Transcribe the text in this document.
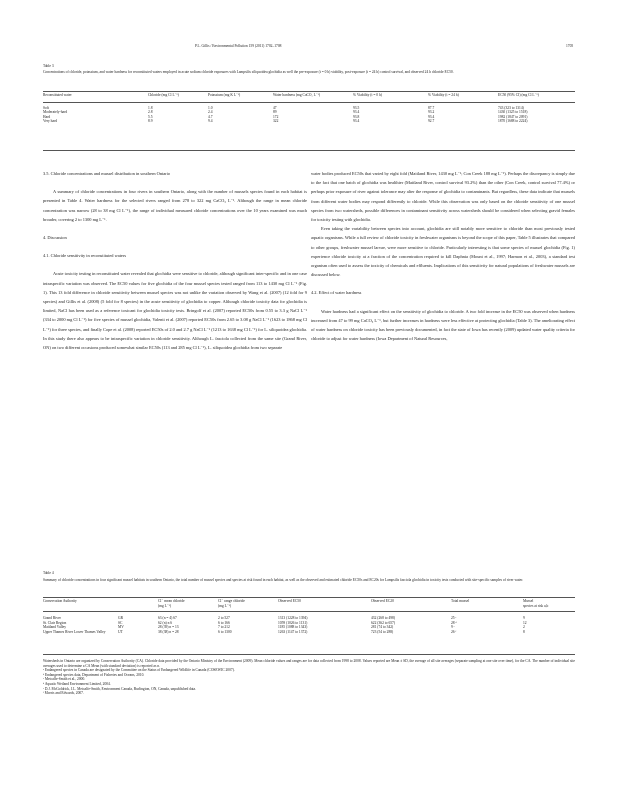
P.L. Gillis / Environmental Pollution 159 (2011) 1702–1708	1705
Table 3
Concentrations of chloride, potassium, and water hardness for reconstituted waters employed in acute sodium chloride exposures with Lampsilis siliquoidea glochidia as well the pre-exposure (t = 0 h) viability, post-exposure (t = 24 h) control survival, and observed 24 h chloride EC50.
Reconstituted water	Chloride (mg Cl L⁻¹)	Potassium (mg K L⁻¹)	Water hardness (mg CaCO₃ L⁻¹)	% Viability (t = 0 h)	% Viability (t = 24 h)	EC50 (95% CI) (mg Cl L⁻¹)

Soft	1.8	1.0	47	93.5	87.7	743 (323 to 1314)
Moderately-hard	2.8	2.4	89	93.4	93.2	1430 (1325 to 1518)
Hard	5.5	4.7	172	93.8	93.4	1982 (1847 to 2091)
Very hard	8.9	9.4	322	93.4	92.7	1870 (1688 to 2224)
3.5. Chloride concentrations and mussel distribution in southern Ontario

A summary of chloride concentrations in four rivers in southern Ontario, along with the number of mussels species found in each habitat is presented in Table 4. Water hardness for the selected rivers ranged from 278 to 322 mg CaCO₃ L⁻¹. Although the range in mean chloride concentration was narrow (28 to 38 mg Cl L⁻¹), the range of individual measured chloride concentrations over the 10 years examined was much broader, covering 2 to 1300 mg L⁻¹.

4. Discussion
4.1. Chloride sensitivity in reconstituted waters

Acute toxicity testing in reconstituted water revealed that glochidia were sensitive to chloride, although significant inter-specific and in one case intraspecific variation was observed. The EC50 values for five glochidia of the four mussel species tested ranged from 113 to 1430 mg Cl L⁻¹ (Fig. 1). This 13 fold difference in chloride sensitivity between mussel species was not unlike the variation observed by Wang et al. (2007) (12 fold for 9 species) and Gillis et al. (2008) (5 fold for 8 species) in the acute sensitivity of glochidia to copper. Although chloride toxicity data for glochidia is limited, NaCl has been used as a reference toxicant for glochidia toxicity tests. Bringolf et al. (2007) reported EC50s from 0.55 to 3.3 g NaCl L⁻¹ (334 to 2000 mg Cl L⁻¹) for five species of mussel glochidia, Valenti et al. (2007) reported EC50s from 2.65 to 3.08 g NaCl L⁻¹ (1623 to 1868 mg Cl L⁻¹) for three species, and finally Cope et al. (2008) reported EC50s of 2.0 and 2.7 g NaCl L⁻¹ (1213 to 1638 mg Cl L⁻¹) for L. siliquoidea glochidia. In this study there also appears to be intraspecific variation in chloride sensitivity. Although L. fasciola collected from the same site (Grand River, ON) on two different occasions produced somewhat similar EC50s (113 and 285 mg Cl L⁻¹), L. siliquoidea glochidia from two separate

water bodies produced EC50s that varied by eight fold (Maitland River, 1430 mg L⁻¹; Con Creek 188 mg L⁻¹). Perhaps the discrepancy is simply due to the fact that one batch of glochidia was healthier (Maitland River, control survival 93.2%) than the other (Con Creek, control survival 77.4%) or perhaps prior exposure of river against tolerance may alter the response of glochidia to contaminants. But regardless, these data indicate that mussels from different water bodies may respond differently to chloride. While this observation was only based on the chloride sensitivity of one mussel species from two watersheds, possible differences in contaminant sensitivity across watersheds should be considered when selecting gravid females for toxicity testing with glochidia.

Even taking the variability between species into account, glochidia are still notably more sensitive to chloride than most previously tested aquatic organisms. While a full review of chloride toxicity in freshwater organisms is beyond the scope of this paper, Table 5 illustrates that compared to other groups, freshwater mussel larvae, were more sensitive to chloride. Particularly interesting is that some species of mussel glochidia (Fig. 1) experience chloride toxicity at a fraction of the concentration required to kill Daphnia (Mount et al., 1997; Harmon et al., 2003), a standard test organism often used to assess the toxicity of chemicals and effluents. Implications of this sensitivity for natural populations of freshwater mussels are discussed below.

4.2. Effect of water hardness

Water hardness had a significant effect on the sensitivity of glochidia to chloride. A two fold increase in the EC50 was observed when hardness increased from 47 to 99 mg CaCO₃ L⁻¹, but further increases in hardness were less effective at protecting glochidia (Table 3). The ameliorating effect of water hardness on chloride toxicity has been previously documented, in fact the state of Iowa has recently (2009) updated water quality criteria for chloride to adjust for water hardness (Iowa Department of Natural Resources,

Table 4
Summary of chloride concentrations in four significant mussel habitats in southern Ontario, the total number of mussel species and species at risk found in each habitat, as well as the observed and estimated chloride EC50s and EC20s for Lampsilis fasciola glochidia in toxicity tests conducted with site-specific samples of river water.
Conservation Authority		Cl⁻ mean chloride
(mg L⁻¹)	Cl⁻ range chloride
(mg L⁻¹)	Observed EC50	Observed EC20	Total mussel	Mussel
species at risk a,b

Grand River	GR	63 (n = 4) 67	2 to 527	1313 (1228 to 1394)	432 (268 to 498)	25 ᵉ	9
St. Clair Region	SC	62 (n) n 6	6 to 166	1059 (1026 to 1131)	622 (362 to 657)	28 ᵈ	12
Maitland Valley	MV	28 (39) n = 13	7 to 212	1185 (1088 to 1343)	281 (74 to 342)	9 ᵉ	2
Upper Thames River Lower Thames Valley	UT	38 (38) n = 28	6 to 1300	1263 (1147 to 1372)	723 (54 to 288)	26 ᶠ	8

Watersheds in Ontario are organized by Conservation Authority (CA). Chloride data provided by the Ontario Ministry of the Environment (2009). Mean chloride values and ranges are for data collected from 1998 to 2008. Values reported are Mean ± SD, the average of all site averages (separate sampling at one site over time), for the CA. The number of individual site averages used to determine a CA Mean (with standard deviation) is reported as n.

ᵃ Endangered species in Canada are designated by the Committee on the Status of Endangered Wildlife in Canada (COSEWIC 2007).

ᵇ Endangered species data, Department of Fisheries and Oceans, 2010.

ᶜ Metcalfe-Smith et al., 2000.

ᵈ Aquatic Wetland Environment Limited, 2004.

ᵉ D.J. McGoldrick, J.L. Metcalfe-Smith, Environment Canada, Burlington, ON, Canada, unpublished data.

ᶠ Morris and Edwards, 2007.
